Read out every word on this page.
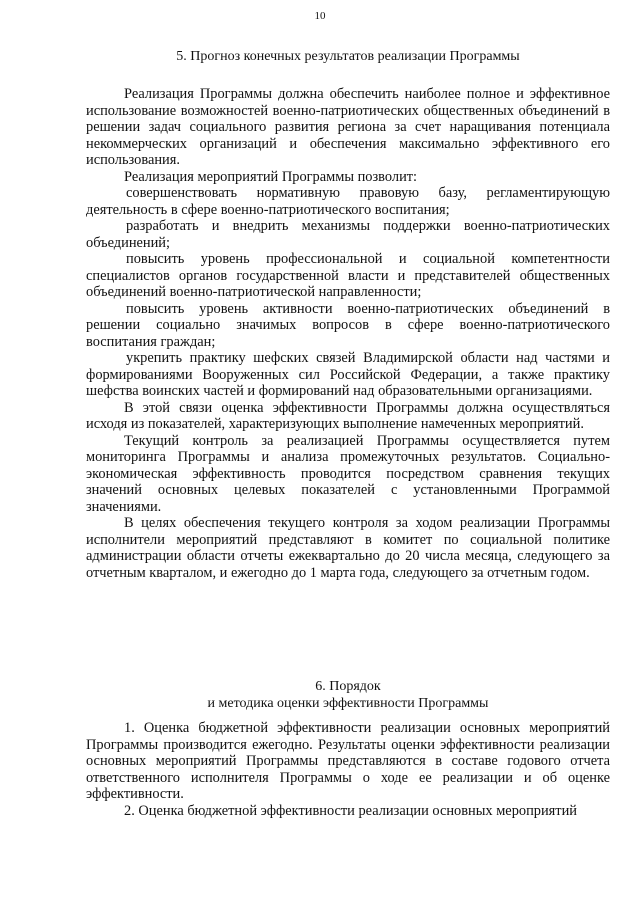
10
5. Прогноз конечных результатов реализации Программы

Реализация Программы должна обеспечить наиболее полное и эффективное использование возможностей военно-патриотических общественных объединений в решении задач социального развития региона за счет наращивания потенциала некоммерческих организаций и обеспечения максимально эффективного его использования.

Реализация мероприятий Программы позволит:

совершенствовать нормативную правовую базу, регламентирующую деятельность в сфере военно-патриотического воспитания;

разработать и внедрить механизмы поддержки военно-патриотических объединений;

повысить уровень профессиональной и социальной компетентности специалистов органов государственной власти и представителей общественных объединений военно-патриотической направленности;

повысить уровень активности военно-патриотических объединений в решении социально значимых вопросов в сфере военно-патриотического воспитания граждан;

укрепить практику шефских связей Владимирской области над частями и формированиями Вооруженных сил Российской Федерации, а также практику шефства воинских частей и формирований над образовательными организациями.

В этой связи оценка эффективности Программы должна осуществляться исходя из показателей, характеризующих выполнение намеченных мероприятий.

Текущий контроль за реализацией Программы осуществляется путем мониторинга Программы и анализа промежуточных результатов. Социально-экономическая эффективность проводится посредством сравнения текущих значений основных целевых показателей с установленными Программой значениями.

В целях обеспечения текущего контроля за ходом реализации Программы исполнители мероприятий представляют в комитет по социальной политике администрации области отчеты ежеквартально до 20 числа месяца, следующего за отчетным кварталом, и ежегодно до 1 марта года, следующего за отчетным годом.

6. Порядок
и методика оценки эффективности Программы

1. Оценка бюджетной эффективности реализации основных мероприятий Программы производится ежегодно. Результаты оценки эффективности реализации основных мероприятий Программы представляются в составе годового отчета ответственного исполнителя Программы о ходе ее реализации и об оценке эффективности.

2. Оценка бюджетной эффективности реализации основных мероприятий
